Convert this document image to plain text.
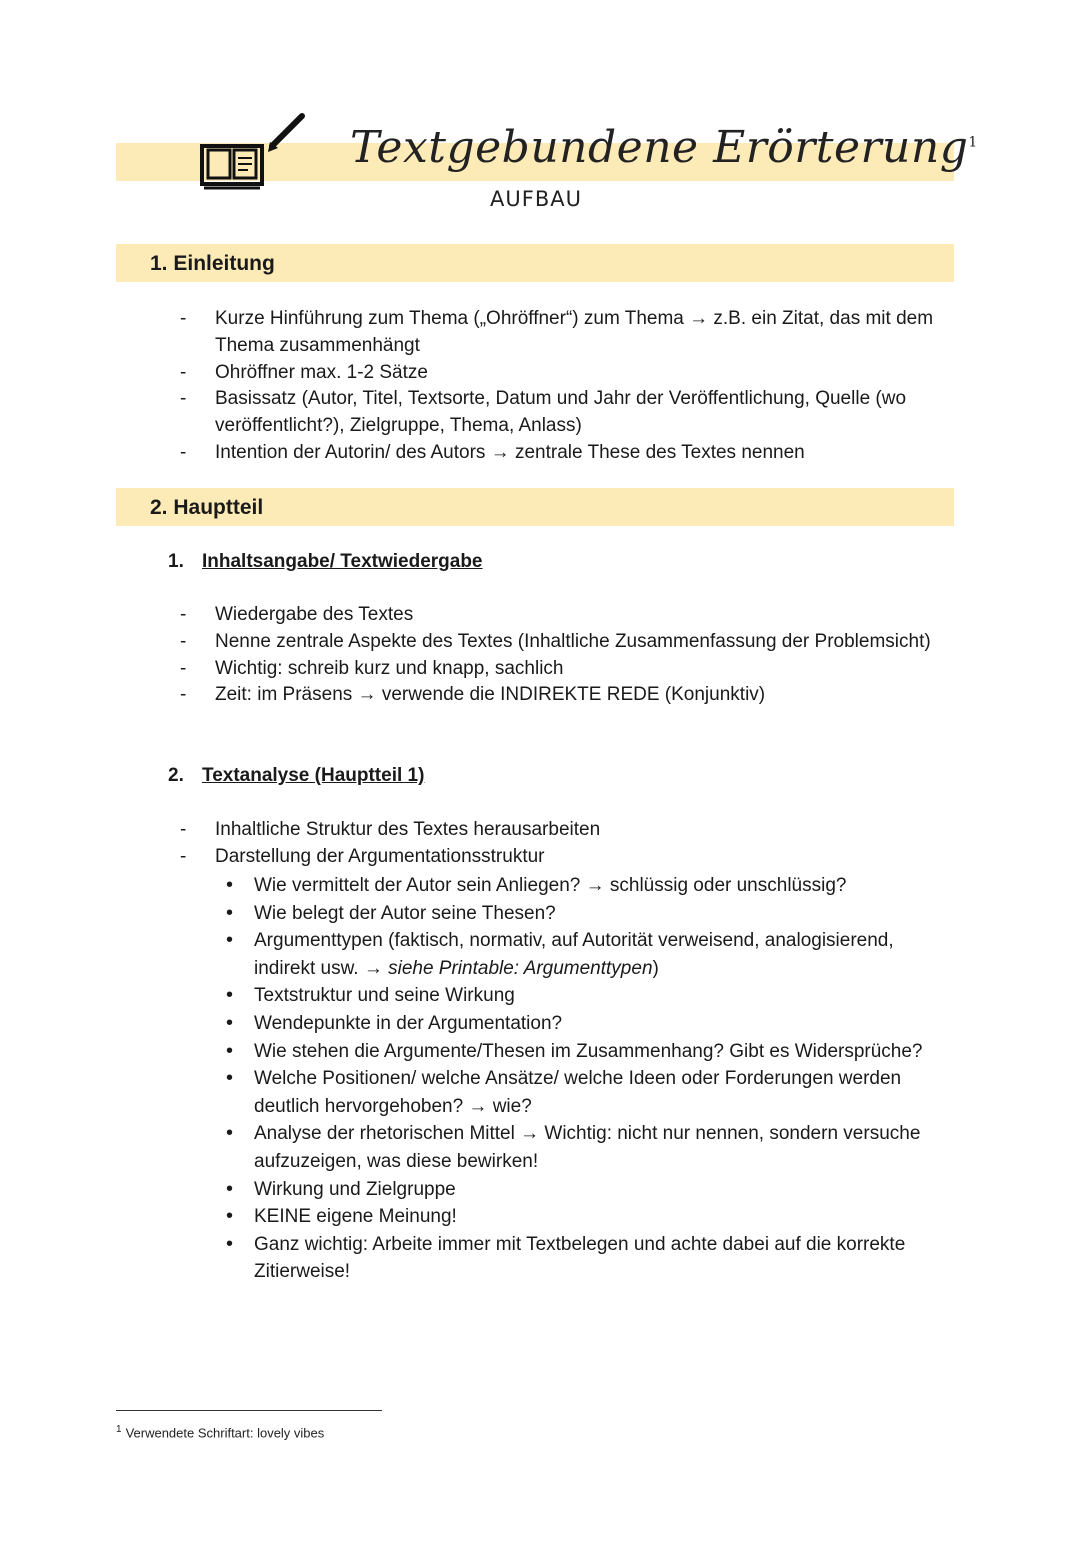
Textgebundene Erörterung$^1$
AUFBAU
1. Einleitung
- Kurze Hinführung zum Thema („Ohröffner“) zum Thema → z.B. ein Zitat, das mit dem Thema zusammenhängt
- Ohröffner max. 1-2 Sätze
- Basissatz (Autor, Titel, Textsorte, Datum und Jahr der Veröffentlichung, Quelle (wo veröffentlicht?), Zielgruppe, Thema, Anlass)
- Intention der Autorin/ des Autors → zentrale These des Textes nennen
2. Hauptteil
1. Inhaltsangabe/ Textwiedergabe
- Wiedergabe des Textes
- Nenne zentrale Aspekte des Textes (Inhaltliche Zusammenfassung der Problemsicht)
- Wichtig: schreib kurz und knapp, sachlich
- Zeit: im Präsens → verwende die INDIREKTE REDE (Konjunktiv)
2. Textanalyse (Hauptteil 1)
- Inhaltliche Struktur des Textes herausarbeiten
- Darstellung der Argumentationsstruktur
• Wie vermittelt der Autor sein Anliegen? → schlüssig oder unschlüssig?
• Wie belegt der Autor seine Thesen?
• Argumenttypen (faktisch, normativ, auf Autorität verweisend, analogisierend, indirekt usw. → siehe Printable: Argumenttypen)
• Textstruktur und seine Wirkung
• Wendepunkte in der Argumentation?
• Wie stehen die Argumente/Thesen im Zusammenhang? Gibt es Widersprüche?
• Welche Positionen/ welche Ansätze/ welche Ideen oder Forderungen werden deutlich hervorgehoben? → wie?
• Analyse der rhetorischen Mittel → Wichtig: nicht nur nennen, sondern versuche aufzuzeigen, was diese bewirken!
• Wirkung und Zielgruppe
• KEINE eigene Meinung!
• Ganz wichtig: Arbeite immer mit Textbelegen und achte dabei auf die korrekte Zitierweise!
$^1$ Verwendete Schriftart: lovely vibes
